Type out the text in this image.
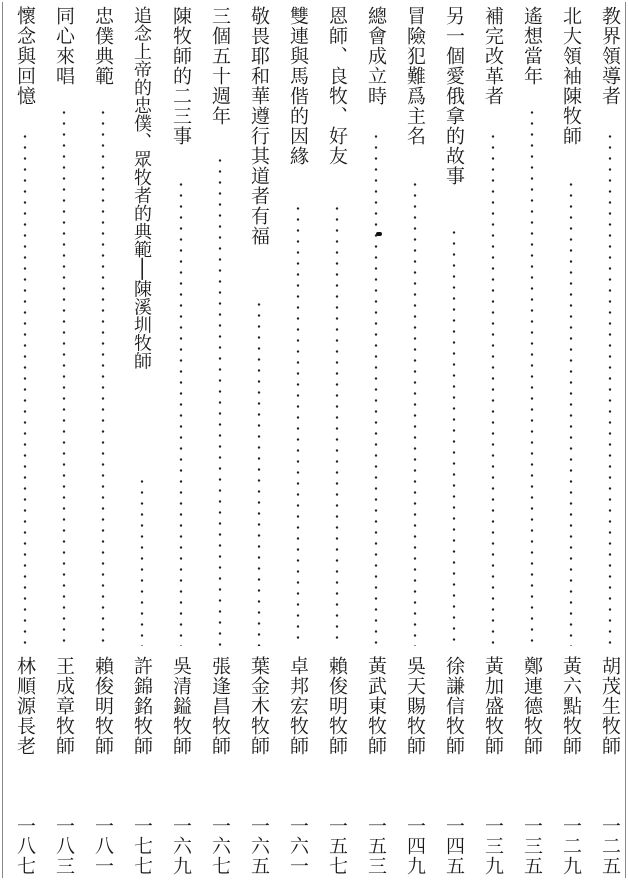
教界領導者
胡茂生牧師
一二五
北大領袖陳牧師
黃六點牧師
一二九
遙想當年
鄭連德牧師
一三五
補完改革者
黃加盛牧師
一三九
另一個愛俄拿的故事
徐謙信牧師
一四五
冒險犯難爲主名
吳天賜牧師
一四九
總會成立時
黃武東牧師
一五三
恩師、良牧、好友
賴俊明牧師
一五七
雙連與馬偕的因緣
卓邦宏牧師
一六一
敬畏耶和華遵行其道者有福
葉金木牧師
一六五
三個五十週年
張逢昌牧師
一六七
陳牧師的二三事
吳清鎰牧師
一六九
追念上帝的忠僕、眾牧者的典範──陳溪圳牧師
許錦銘牧師
一七七
忠僕典範
賴俊明牧師
一八一
同心來唱
王成章牧師
一八三
懷念與回憶
林順源長老
一八七
